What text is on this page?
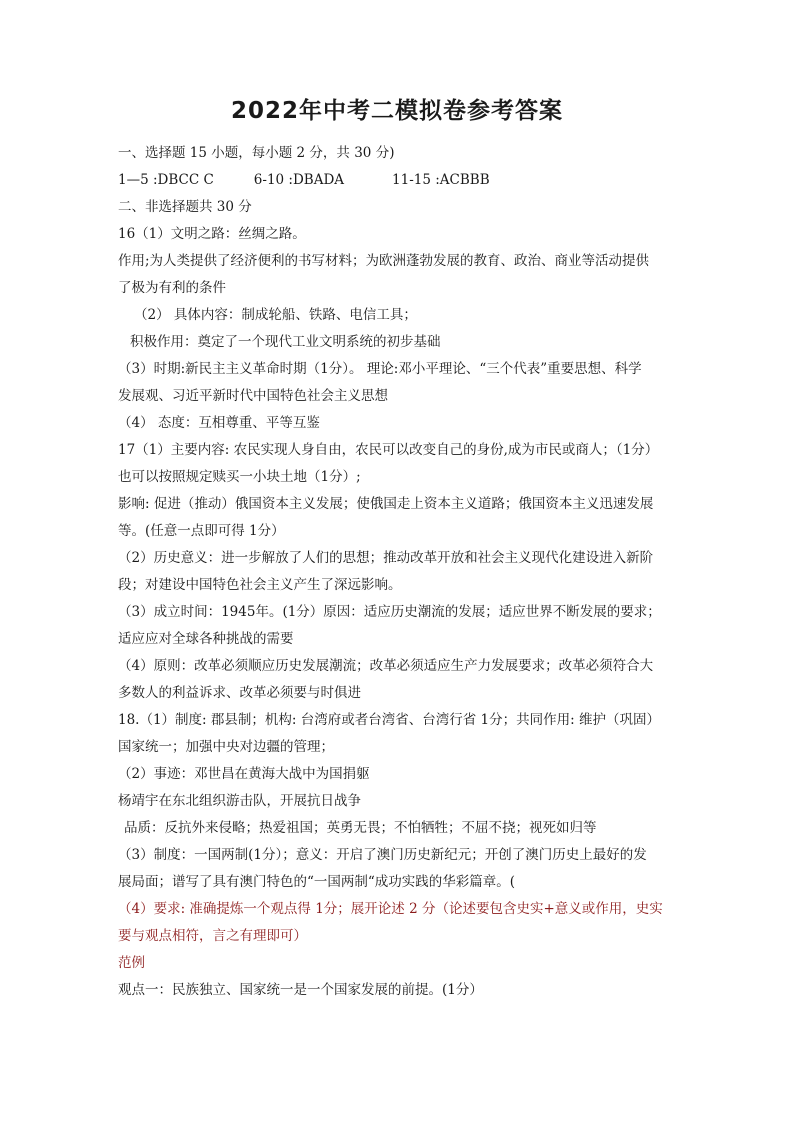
2022年中考二模拟卷参考答案
一、选择题 15 小题，每小题 2 分，共 30 分)
1—5 :DBCC C	6-10 :DBADA	11-15 :ACBBB
二、非选择题共 30 分
16（1）文明之路：丝绸之路。
作用;为人类提供了经济便利的书写材料；为欧洲蓬勃发展的教育、政治、商业等活动提供
了极为有利的条件
（2） 具体内容：制成轮船、铁路、电信工具；
积极作用：奠定了一个现代工业文明系统的初步基础
（3）时期:新民主主义革命时期（1分）。 理论:邓小平理论、“三个代表”重要思想、科学
发展观、习近平新时代中国特色社会主义思想
（4） 态度：互相尊重、平等互鉴
17（1）主要内容: 农民实现人身自由，农民可以改变自己的身份,成为市民或商人；（1分）
也可以按照规定赎买一小块土地（1分）;
影响: 促进（推动）俄国资本主义发展；使俄国走上资本主义道路；俄国资本主义迅速发展
等。(任意一点即可得 1分）
（2）历史意义：进一步解放了人们的思想；推动改革开放和社会主义现代化建设进入新阶
段；对建设中国特色社会主义产生了深远影响。
（3）成立时间：1945年。(1分）原因：适应历史潮流的发展；适应世界不断发展的要求；
适应应对全球各种挑战的需要
（4）原则：改革必须顺应历史发展潮流；改革必须适应生产力发展要求；改革必须符合大
多数人的利益诉求、改革必须要与时俱进
18.（1）制度: 郡县制；机构: 台湾府或者台湾省、台湾行省 1分；共同作用: 维护（巩固）
国家统一；加强中央对边疆的管理；
（2）事迹：邓世昌在黄海大战中为国捐躯
杨靖宇在东北组织游击队，开展抗日战争
品质：反抗外来侵略；热爱祖国；英勇无畏；不怕牺牲；不屈不挠；视死如归等
（3）制度：一国两制(1分）；意义：开启了澳门历史新纪元；开创了澳门历史上最好的发
展局面；谱写了具有澳门特色的“一国两制“成功实践的华彩篇章。(
（4）要求: 准确提炼一个观点得 1分；展开论述 2 分（论述要包含史实+意义或作用，史实
要与观点相符，言之有理即可）
范例
观点一：民族独立、国家统一是一个国家发展的前提。(1分）
